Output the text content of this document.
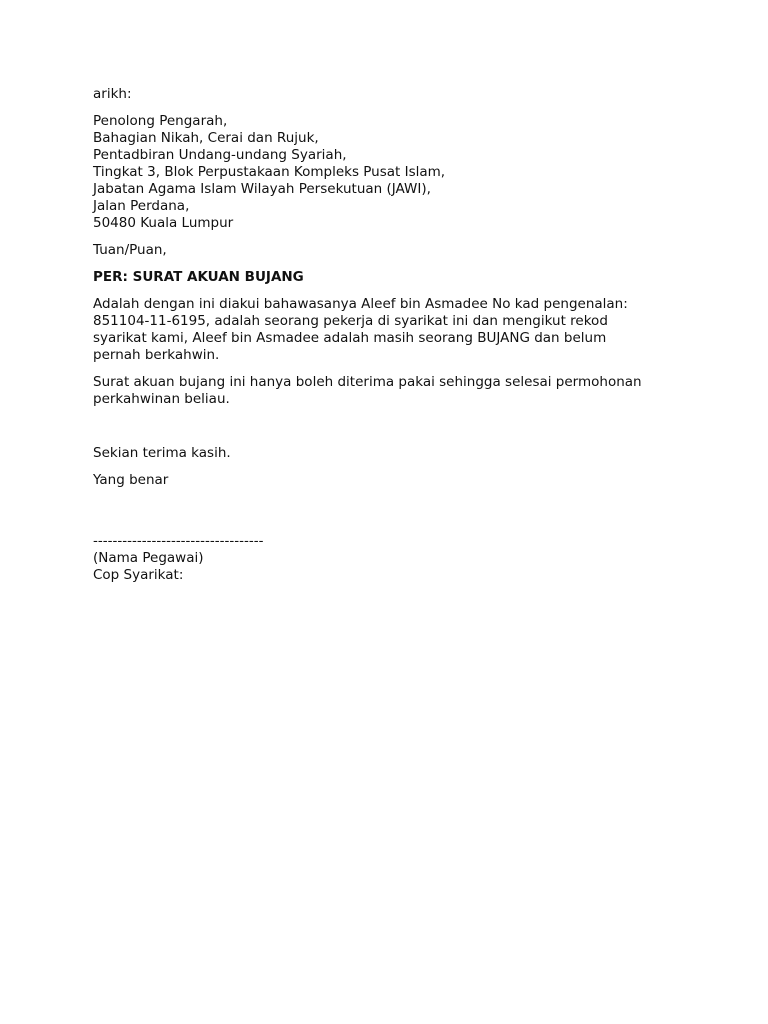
arikh:
Penolong Pengarah,
Bahagian Nikah, Cerai dan Rujuk,
Pentadbiran Undang-undang Syariah,
Tingkat 3, Blok Perpustakaan Kompleks Pusat Islam,
Jabatan Agama Islam Wilayah Persekutuan (JAWI),
Jalan Perdana,
50480 Kuala Lumpur
Tuan/Puan,
PER: SURAT AKUAN BUJANG
Adalah dengan ini diakui bahawasanya Aleef bin Asmadee No kad pengenalan:
851104-11-6195, adalah seorang pekerja di syarikat ini dan mengikut rekod
syarikat kami, Aleef bin Asmadee adalah masih seorang BUJANG dan belum
pernah berkahwin.
Surat akuan bujang ini hanya boleh diterima pakai sehingga selesai permohonan
perkahwinan beliau.
Sekian terima kasih.
Yang benar
-----------------------------------
(Nama Pegawai)
Cop Syarikat:
